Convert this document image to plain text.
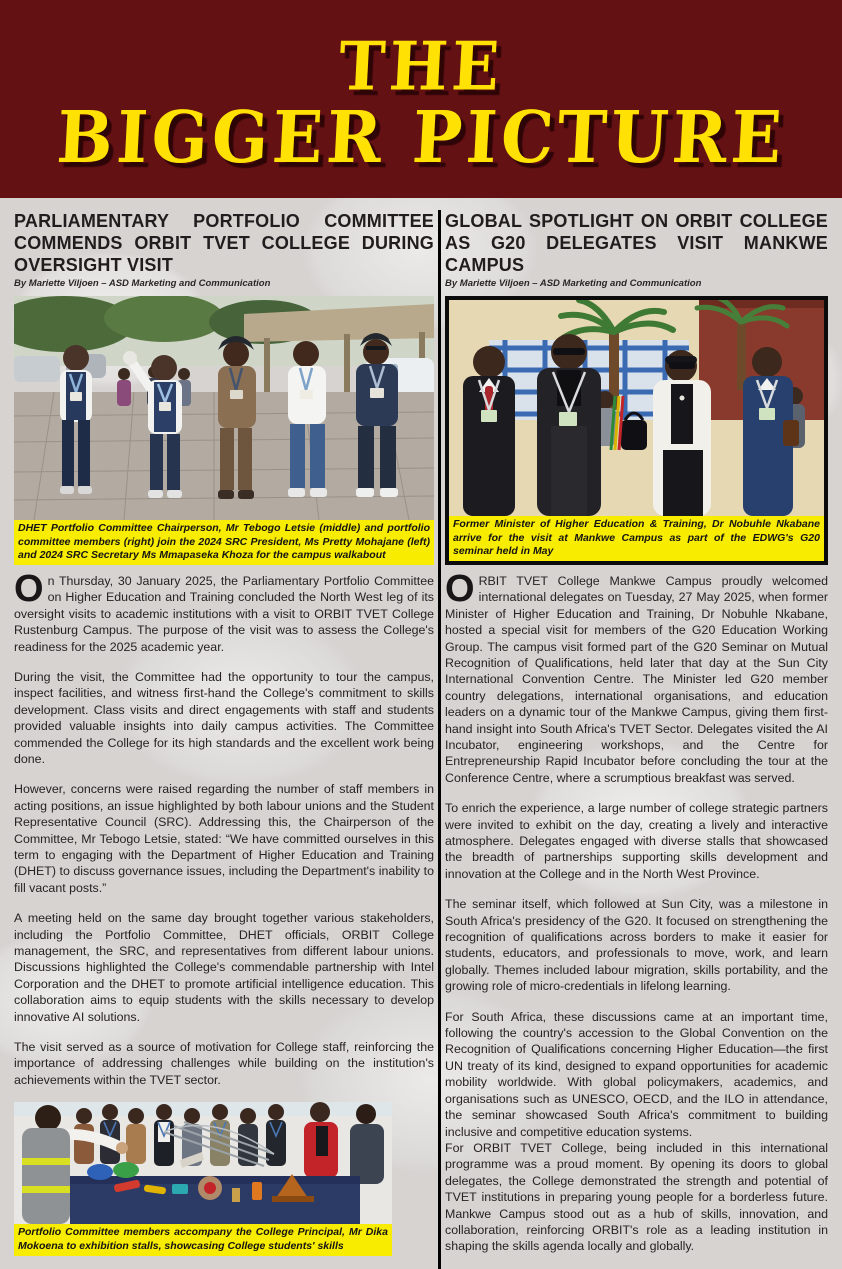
THE
BIGGER PICTURE
PARLIAMENTARY PORTFOLIO COMMITTEE COMMENDS ORBIT TVET COLLEGE DURING OVERSIGHT VISIT
By Mariette Viljoen – ASD Marketing and Communication
DHET Portfolio Committee Chairperson, Mr Tebogo Letsie (middle) and portfolio committee members (right) join the 2024 SRC President, Ms Pretty Mohajane (left) and 2024 SRC Secretary Ms Mmapaseka Khoza for the campus walkabout

On Thursday, 30 January 2025, the Parliamentary Portfolio Committee on Higher Education and Training concluded the North West leg of its oversight visits to academic institutions with a visit to ORBIT TVET College Rustenburg Campus. The purpose of the visit was to assess the College's readiness for the 2025 academic year.

During the visit, the Committee had the opportunity to tour the campus, inspect facilities, and witness first-hand the College's commitment to skills development. Class visits and direct engagements with staff and students provided valuable insights into daily campus activities. The Committee commended the College for its high standards and the excellent work being done.

However, concerns were raised regarding the number of staff members in acting positions, an issue highlighted by both labour unions and the Student Representative Council (SRC). Addressing this, the Chairperson of the Committee, Mr Tebogo Letsie, stated: “We have committed ourselves in this term to engaging with the Department of Higher Education and Training (DHET) to discuss governance issues, including the Department's inability to fill vacant posts.”

A meeting held on the same day brought together various stakeholders, including the Portfolio Committee, DHET officials, ORBIT College management, the SRC, and representatives from different labour unions. Discussions highlighted the College's commendable partnership with Intel Corporation and the DHET to promote artificial intelligence education. This collaboration aims to equip students with the skills necessary to develop innovative AI solutions.

The visit served as a source of motivation for College staff, reinforcing the importance of addressing challenges while building on the institution's achievements within the TVET sector.

Portfolio Committee members accompany the College Principal, Mr Dika Mokoena to exhibition stalls, showcasing College students' skills
GLOBAL SPOTLIGHT ON ORBIT COLLEGE AS G20 DELEGATES VISIT MANKWE CAMPUS
By Mariette Viljoen – ASD Marketing and Communication
Former Minister of Higher Education & Training, Dr Nobuhle Nkabane arrive for the visit at Mankwe Campus as part of the EDWG's G20 seminar held in May

ORBIT TVET College Mankwe Campus proudly welcomed international delegates on Tuesday, 27 May 2025, when former Minister of Higher Education and Training, Dr Nobuhle Nkabane, hosted a special visit for members of the G20 Education Working Group. The campus visit formed part of the G20 Seminar on Mutual Recognition of Qualifications, held later that day at the Sun City International Convention Centre. The Minister led G20 member country delegations, international organisations, and education leaders on a dynamic tour of the Mankwe Campus, giving them first-hand insight into South Africa's TVET Sector. Delegates visited the AI Incubator, engineering workshops, and the Centre for Entrepreneurship Rapid Incubator before concluding the tour at the Conference Centre, where a scrumptious breakfast was served.

To enrich the experience, a large number of college strategic partners were invited to exhibit on the day, creating a lively and interactive atmosphere. Delegates engaged with diverse stalls that showcased the breadth of partnerships supporting skills development and innovation at the College and in the North West Province.

The seminar itself, which followed at Sun City, was a milestone in South Africa's presidency of the G20. It focused on strengthening the recognition of qualifications across borders to make it easier for students, educators, and professionals to move, work, and learn globally. Themes included labour migration, skills portability, and the growing role of micro-credentials in lifelong learning.

For South Africa, these discussions came at an important time, following the country's accession to the Global Convention on the Recognition of Qualifications concerning Higher Education—the first UN treaty of its kind, designed to expand opportunities for academic mobility worldwide. With global policymakers, academics, and organisations such as UNESCO, OECD, and the ILO in attendance, the seminar showcased South Africa's commitment to building inclusive and competitive education systems.

For ORBIT TVET College, being included in this international programme was a proud moment. By opening its doors to global delegates, the College demonstrated the strength and potential of TVET institutions in preparing young people for a borderless future. Mankwe Campus stood out as a hub of skills, innovation, and collaboration, reinforcing ORBIT's role as a leading institution in shaping the skills agenda locally and globally.
